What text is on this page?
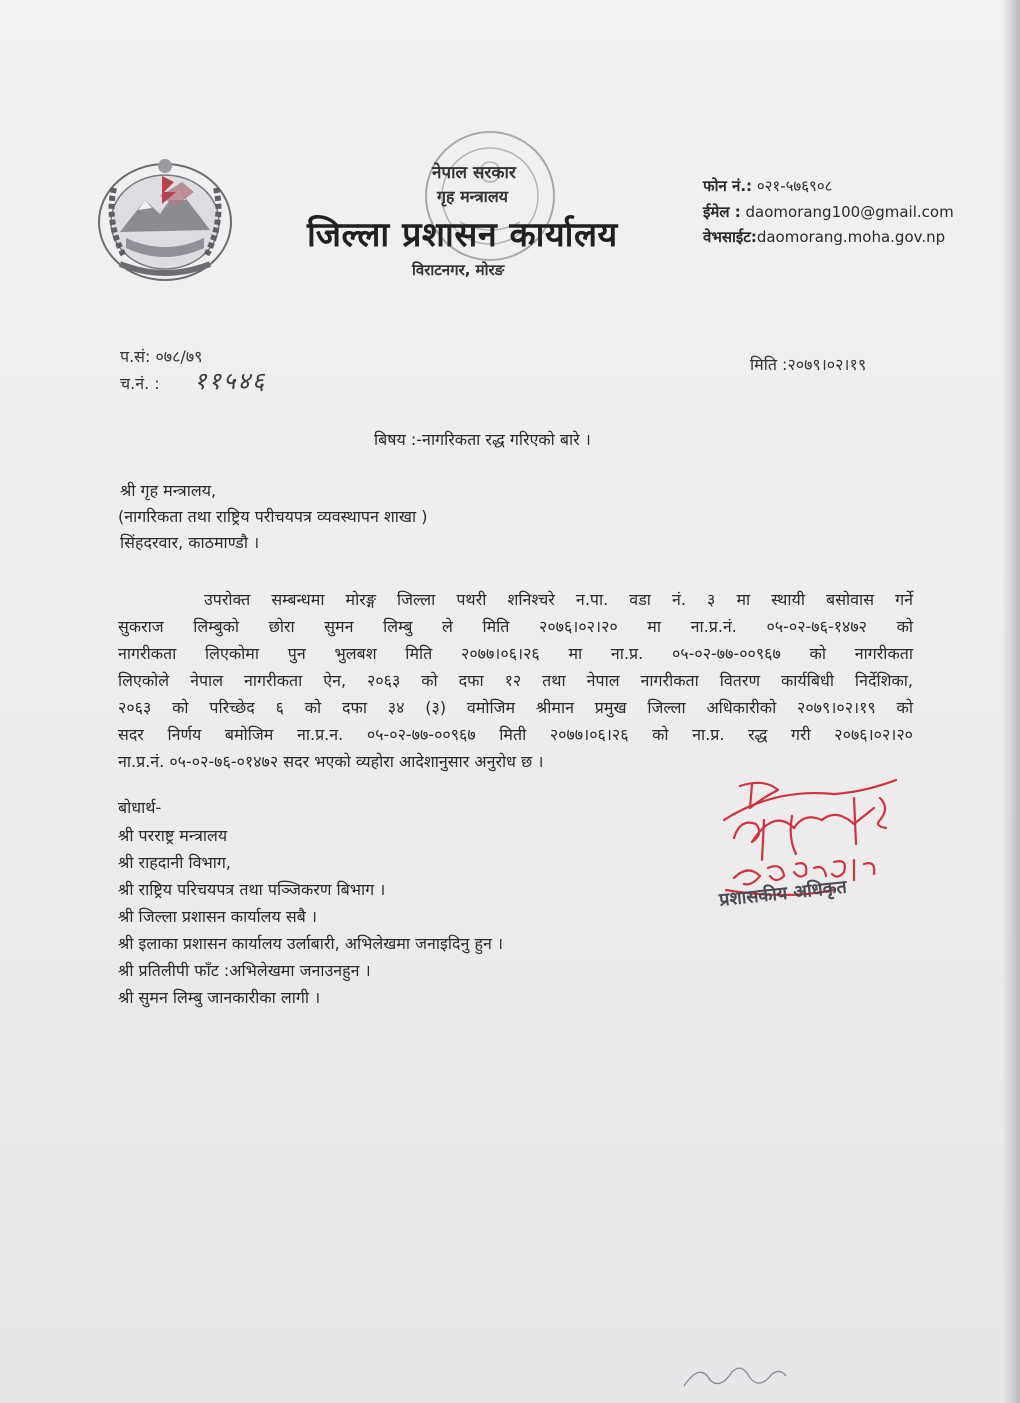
नेपाल सरकार
गृह मन्त्रालय
जिल्ला प्रशासन कार्यालय
विराटनगर, मोरङ
फोन नं.: ०२१-५७६९०८
ईमेल : daomorang100@gmail.com
वेभसाईट:daomorang.moha.gov.np
प.सं: ०७८/७९
च.नं. : ११५४६
मिति :२०७९।०२।१९
बिषय :-नागरिकता रद्ध गरिएको बारे ।
श्री गृह मन्त्रालय,
(नागरिकता तथा राष्ट्रिय परीचयपत्र व्यवस्थापन शाखा )
सिंहदरवार, काठमाण्डौ ।
उपरोक्त सम्बन्धमा मोरङ्ग जिल्ला पथरी शनिश्चरे न.पा. वडा नं. ३ मा स्थायी बसोवास गर्ने
सुकराज लिम्बुको छोरा सुमन लिम्बु ले मिति २०७६।०२।२० मा ना.प्र.नं. ०५-०२-७६-१४७२ को
नागरीकता लिएकोमा पुन भुलबश मिति २०७७।०६।२६ मा ना.प्र. ०५-०२-७७-००९६७ को नागरीकता
लिएकोले नेपाल नागरीकता ऐन, २०६३ को दफा १२ तथा नेपाल नागरीकता वितरण कार्यबिधी निर्देशिका,
२०६३ को परिच्छेद ६ को दफा ३४ (३) वमोजिम श्रीमान प्रमुख जिल्ला अधिकारीको २०७९।०२।१९ को
सदर निर्णय बमोजिम ना.प्र.न. ०५-०२-७७-००९६७ मिती २०७७।०६।२६ को ना.प्र. रद्ध गरी २०७६।०२।२०
ना.प्र.नं. ०५-०२-७६-०१४७२ सदर भएको व्यहोरा आदेशानुसार अनुरोध छ ।
बोधार्थ-
श्री परराष्ट्र मन्त्रालय
श्री राहदानी विभाग,
श्री राष्ट्रिय परिचयपत्र तथा पञ्जिकरण बिभाग ।
श्री जिल्ला प्रशासन कार्यालय सबै ।
श्री इलाका प्रशासन कार्यालय उर्लाबारी, अभिलेखमा जनाइदिनु हुन ।
श्री प्रतिलीपी फाँट :अभिलेखमा जनाउनहुन ।
श्री सुमन लिम्बु जानकारीका लागी ।
प्रशासकीय अधिकृत
